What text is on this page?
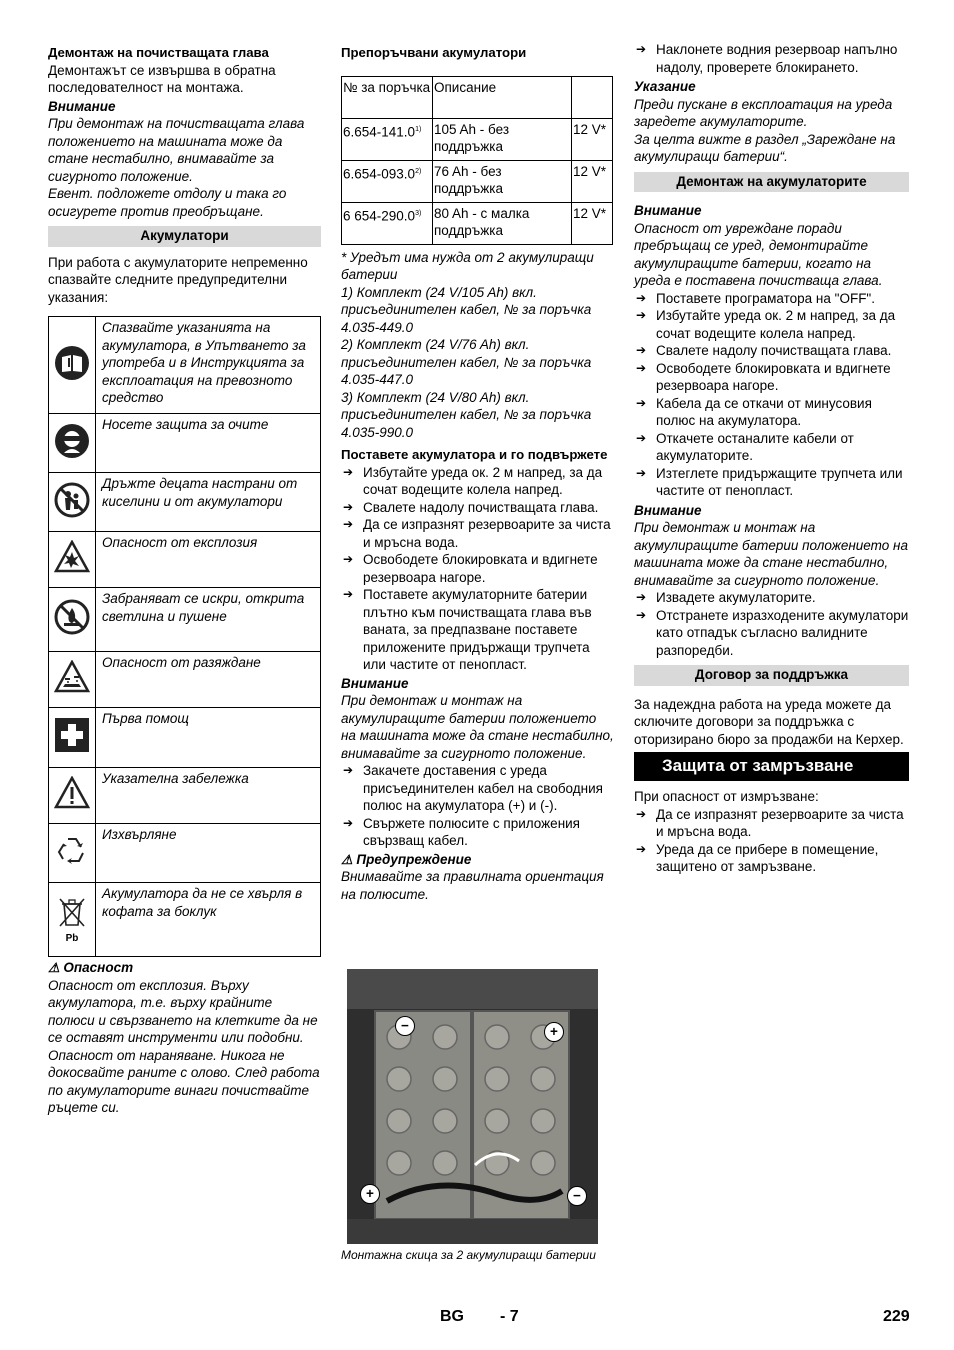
Демонтаж на почистващата глава

Демонтажът се извършва в обратна последователност на монтажа.

Внимание

При демонтаж на почистващата глава положението на машината може да стане нестабилно, внимавайте за сигурното положение.

Евент. подложете отдолу и така го осигурете против преобръщане.

Акумулатори

При работа с акумулаторите непременно спазвайте следните предупредителни указания:

	Спазвайте указанията на акумулатора, в Упътването за употреба и в Инструкцията за експлоатация на превозното средство
	Носете защита за очите
	Дръжте децата настрани от киселини и от акумулатори
	Опасност от експлозия
	Забраняват се искри, открита светлина и пушене
	Опасност от разяждане
	Първа помощ
	Указателна забележка
	Изхвърляне

Pb	Акумулатора да не се хвърля в кофата за боклук

⚠ Опасност

Опасност от експлозия. Върху акумулатора, т.е. върху крайните полюси и свързването на клетките да не се оставят инструменти или подобни. Опасност от нараняване. Никога не докосвайте раните с олово. След работа по акумулаторите винаги почиствайте ръцете си.

Препоръчвани акумулатори

№ за поръчка	Описание	
6.654-141.0$^{1)}$	105 Ah - без поддръжка	12 V*
6.654-093.0$^{2)}$	76 Ah - без поддръжка	12 V*
6 654-290.0$^{3)}$	80 Ah - с малка поддръжка	12 V*

* Уредът има нужда от 2 акумулиращи батерии

1) Комплект (24 V/105 Ah) вкл. присъединителен кабел, № за поръчка 4.035-449.0

2) Комплект (24 V/76 Ah) вкл. присъединителен кабел, № за поръчка 4.035-447.0

3) Комплект (24 V/80 Ah) вкл. присъединителен кабел, № за поръчка 4.035-990.0

Поставете акумулатора и го подвържете

➔ Избутайте уреда ок. 2 м напред, за да сочат водещите колела напред.
➔ Свалете надолу почистващата глава.
➔ Да се изпразнят резервоарите за чиста и мръсна вода.
➔ Освободете блокировката и вдигнете резервоара нагоре.
➔ Поставете акумулаторните батерии плътно към почистващата глава във ваната, за предпазване поставете приложените придържащи трупчета или частите от пенопласт.

Внимание

При демонтаж и монтаж на акумулиращите батерии положението на машината може да стане нестабилно, внимавайте за сигурното положение.

➔ Закачете доставения с уреда присъединителен кабел на свободния полюс на акумулатора (+) и (-).
➔ Свържете полюсите с приложения свързващ кабел.

⚠ Предупреждение

Внимавайте за правилната ориентация на полюсите.

−	+
+	−
Монтажна скица за 2 акумулиращи батерии
➔ Наклонете водния резервоар напълно надолу, проверете блокирането.

Указание

Преди пускане в експлоатация на уреда заредете акумулаторите.

За целта вижте в раздел „Зареждане на акумулиращи батерии“.

Демонтаж на акумулаторите

Внимание

Опасност от увреждане поради пребръщащ се уред, демонтирайте акумулиращите батерии, когато на уреда е поставена почистваща глава.

➔ Поставете програматора на "OFF".
➔ Избутайте уреда ок. 2 м напред, за да сочат водещите колела напред.
➔ Свалете надолу почистващата глава.
➔ Освободете блокировката и вдигнете резервоара нагоре.
➔ Кабела да се откачи от минусовия полюс на акумулатора.
➔ Откачете останалите кабели от акумулаторите.
➔ Изтеглете придържащите трупчета или частите от пенопласт.

Внимание

При демонтаж и монтаж на акумулиращите батерии положението на машината може да стане нестабилно, внимавайте за сигурното положение.

➔ Извадете акумулаторите.
➔ Отстранете изразходените акумулатори като отпадък съгласно валидните разпоредби.

Договор за поддръжка

За надеждна работа на уреда можете да сключите договори за поддръжка с оторизирано бюро за продажби на Керхер.

Защита от замръзване

При опасност от измръзване:

➔ Да се изпразнят резервоарите за чиста и мръсна вода.
➔ Уреда да се прибере в помещение, защитено от замръзване.
BG - 7	229
